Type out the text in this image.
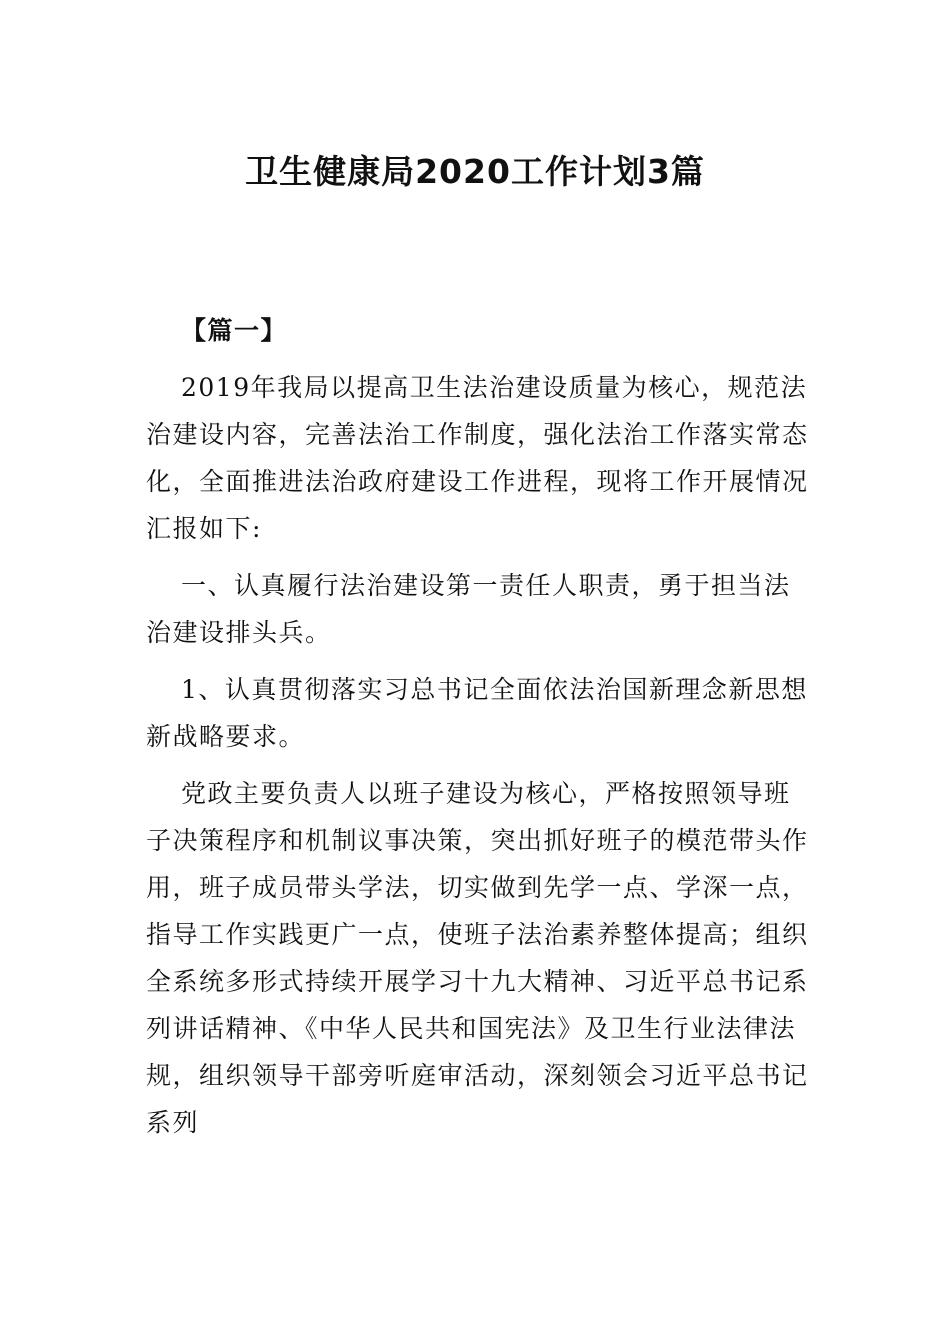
卫生健康局2020工作计划3篇

【篇一】

2019年我局以提高卫生法治建设质量为核心，规范法治建设内容，完善法治工作制度，强化法治工作落实常态化，全面推进法治政府建设工作进程，现将工作开展情况汇报如下:

一、认真履行法治建设第一责任人职责，勇于担当法治建设排头兵。

1、认真贯彻落实习总书记全面依法治国新理念新思想新战略要求。

党政主要负责人以班子建设为核心，严格按照领导班子决策程序和机制议事决策，突出抓好班子的模范带头作用，班子成员带头学法，切实做到先学一点、学深一点，指导工作实践更广一点，使班子法治素养整体提高；组织全系统多形式持续开展学习十九大精神、习近平总书记系列讲话精神、《中华人民共和国宪法》及卫生行业法律法规，组织领导干部旁听庭审活动，深刻领会习近平总书记系列
